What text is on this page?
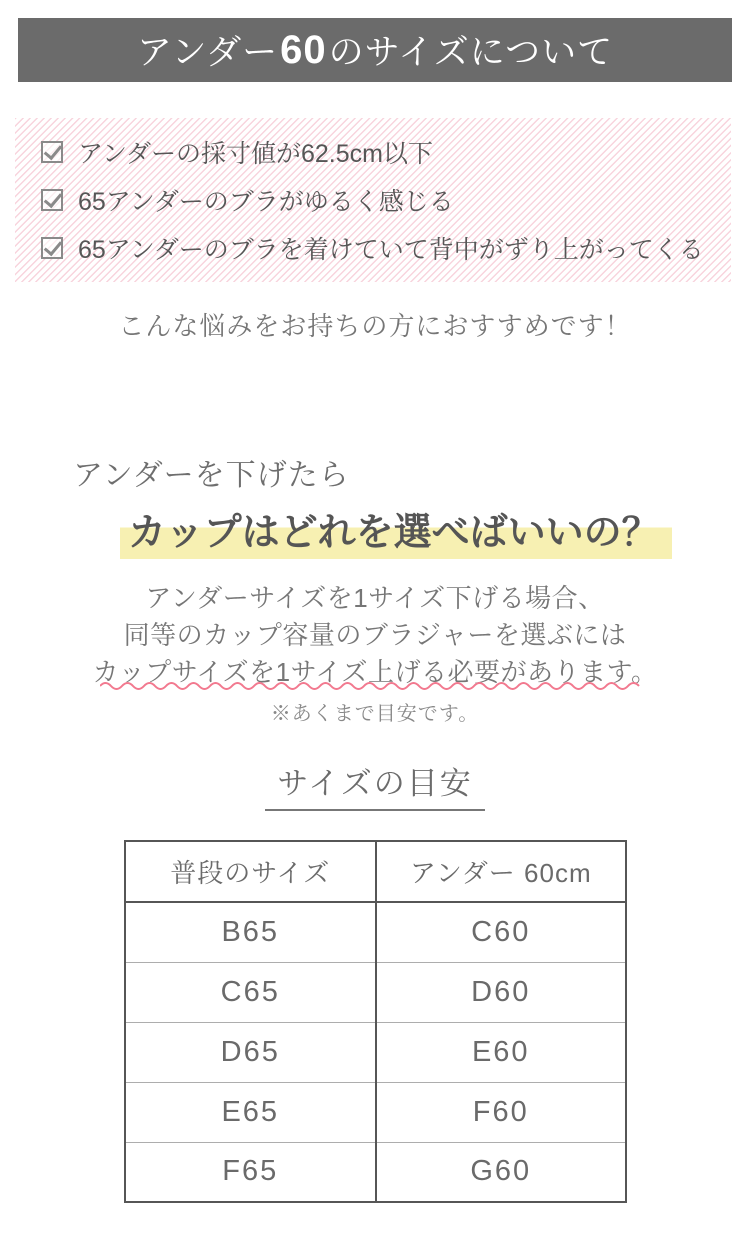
アンダー 60 のサイズについて
アンダーの採寸値が62.5cm以下
65アンダーのブラがゆるく感じる
65アンダーのブラを着けていて背中がずり上がってくる
こんな悩みをお持ちの方におすすめです！
アンダーを下げたら
カップはどれを選べばいいの？
アンダーサイズを1サイズ下げる場合、
同等のカップ容量のブラジャーを選ぶには
カップサイズを1サイズ上げる必要があります。
※あくまで目安です。
サイズの目安
普段のサイズ	アンダー 60cm
B65	C60
C65	D60
D65	E60
E65	F60
F65	G60
